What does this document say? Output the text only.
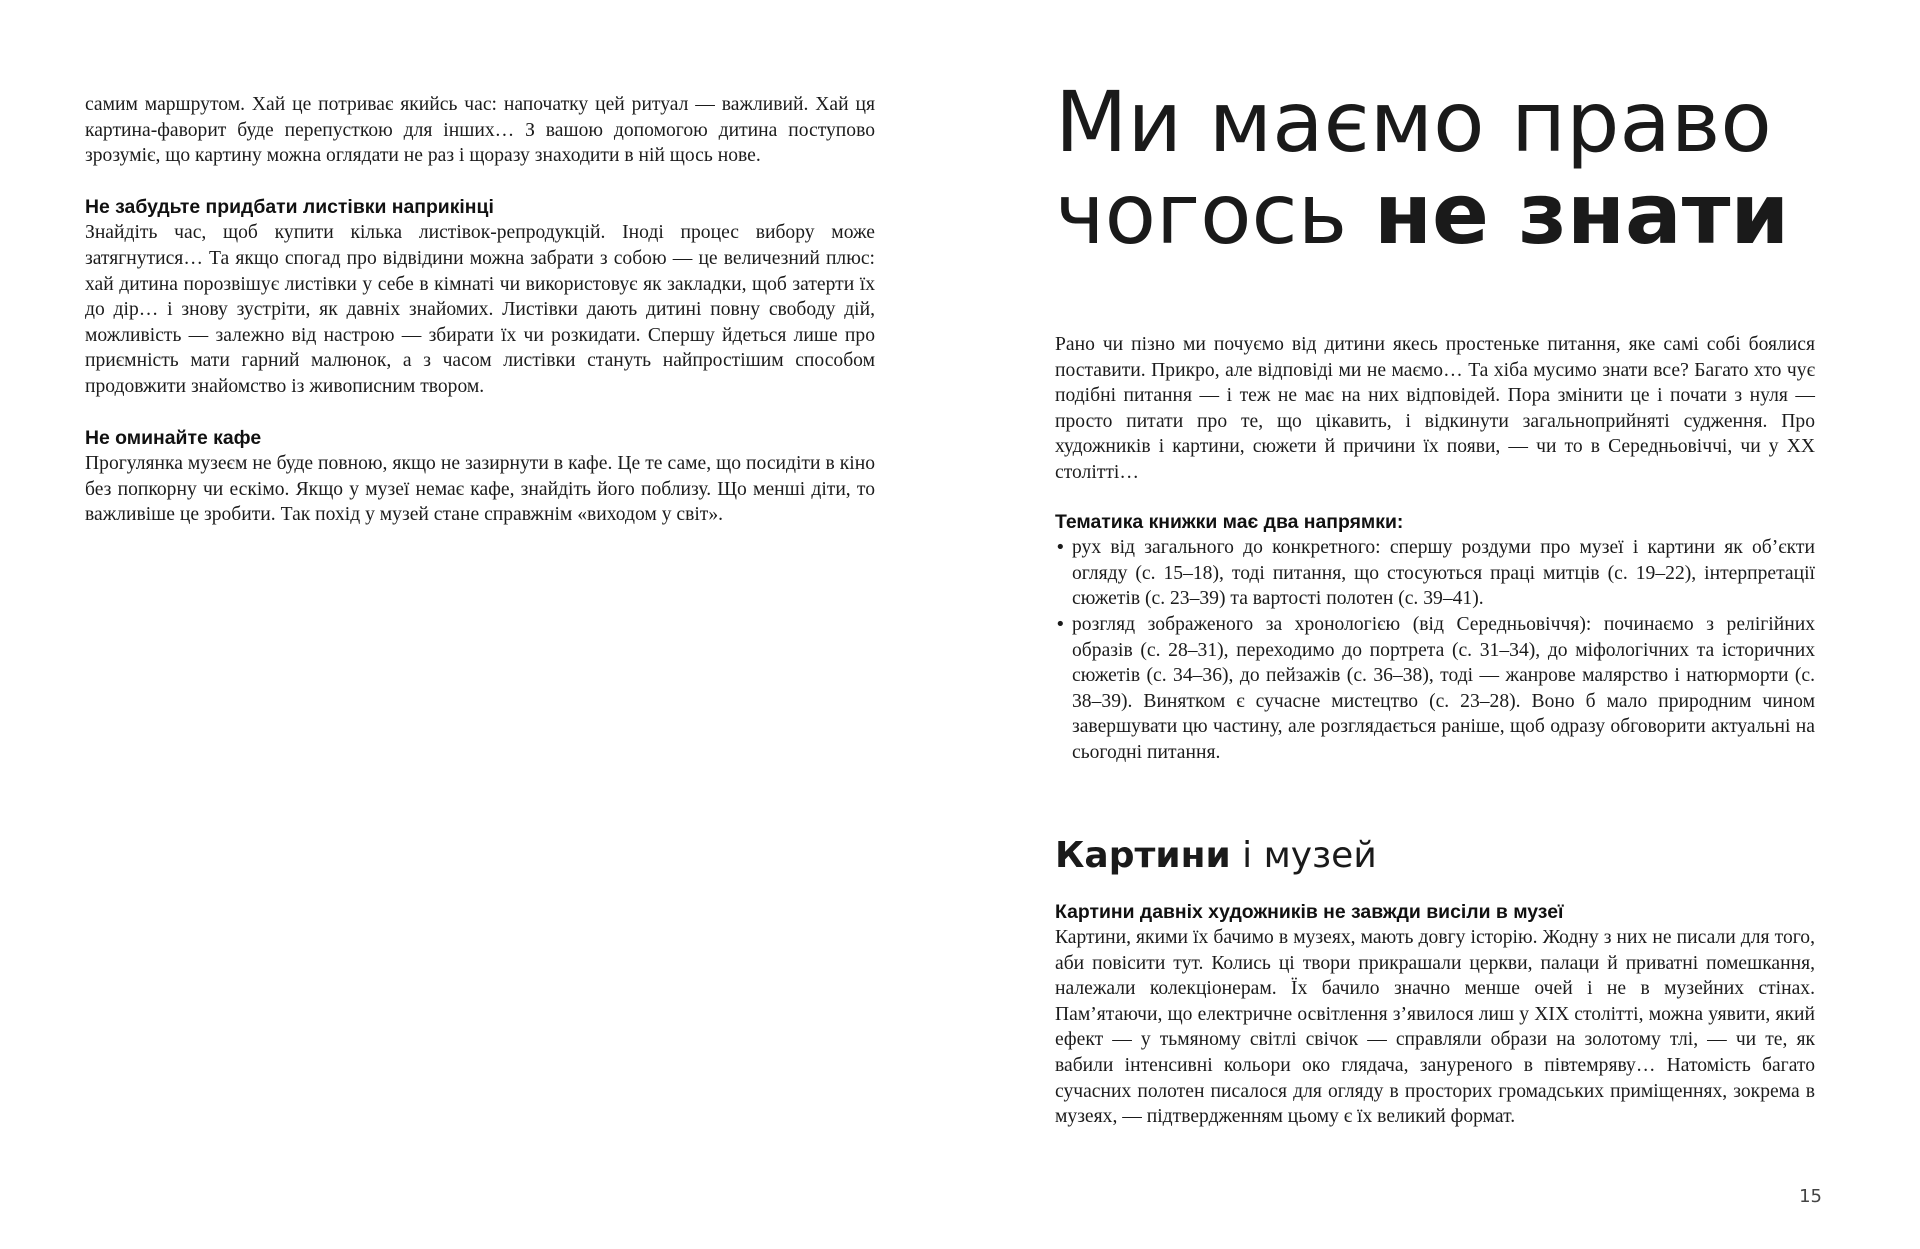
самим маршрутом. Хай це потриває якийсь час: напочатку цей ритуал — важливий. Хай ця картина-фаворит буде перепусткою для інших… З вашою допомогою дитина поступово зрозуміє, що картину можна оглядати не раз і щоразу знаходити в ній щось нове.

Не забудьте придбати листівки наприкінці

Знайдіть час, щоб купити кілька листівок-репродукцій. Іноді процес вибору може затягнутися… Та якщо спогад про відвідини можна забрати з собою — це величезний плюс: хай дитина порозвішує листівки у себе в кімнаті чи використовує як закладки, щоб затерти їх до дір… і знову зустріти, як давніх знайомих. Листівки дають дитині повну свободу дій, можливість — залежно від настрою — збирати їх чи розкидати. Спершу йдеться лише про приємність мати гарний малюнок, а з часом листівки стануть найпростішим способом продовжити знайомство із живописним твором.

Не оминайте кафе

Прогулянка музеєм не буде повною, якщо не зазирнути в кафе. Це те саме, що посидіти в кіно без попкорну чи ескімо. Якщо у музеї немає кафе, знайдіть його поблизу. Що менші діти, то важливіше це зробити. Так похід у музей стане справжнім «виходом у світ».

Ми маємо право
чогось не знати

Рано чи пізно ми почуємо від дитини якесь простеньке питання, яке самі собі боялися поставити. Прикро, але відповіді ми не маємо… Та хіба мусимо знати все? Багато хто чує подібні питання — і теж не має на них відповідей. Пора змінити це і почати з нуля — просто питати про те, що цікавить, і відкинути загальноприйняті судження. Про художників і картини, сюжети й причини їх появи, — чи то в Середньовіччі, чи у XX столітті…

Тематика книжки має два напрямки:

• рух від загального до конкретного: спершу роздуми про музеї і картини як об’єкти огляду (с. 15–18), тоді питання, що стосуються праці митців (с. 19–22), інтерпретації сюжетів (с. 23–39) та вартості полотен (с. 39–41).
• розгляд зображеного за хронологією (від Середньовіччя): починаємо з релігійних образів (с. 28–31), переходимо до портрета (с. 31–34), до міфологічних та історичних сюжетів (с. 34–36), до пейзажів (с. 36–38), тоді — жанрове малярство і натюрморти (с. 38–39). Винятком є сучасне мистецтво (с. 23–28). Воно б мало природним чином завершувати цю частину, але розглядається раніше, щоб одразу обговорити актуальні на сьогодні питання.
Картини і музей

Картини давніх художників не завжди висіли в музеї

Картини, якими їх бачимо в музеях, мають довгу історію. Жодну з них не писали для того, аби повісити тут. Колись ці твори прикрашали церкви, палаци й приватні помешкання, належали колекціонерам. Їх бачило значно менше очей і не в музейних стінах. Пам’ятаючи, що електричне освітлення з’явилося лиш у XIX столітті, можна уявити, який ефект — у тьмяному світлі свічок — справляли образи на золотому тлі, — чи те, як вабили інтенсивні кольори око глядача, зануреного в півтемряву… Натомість багато сучасних полотен писалося для огляду в просторих громадських приміщеннях, зокрема в музеях, — підтвердженням цьому є їх великий формат.

15
